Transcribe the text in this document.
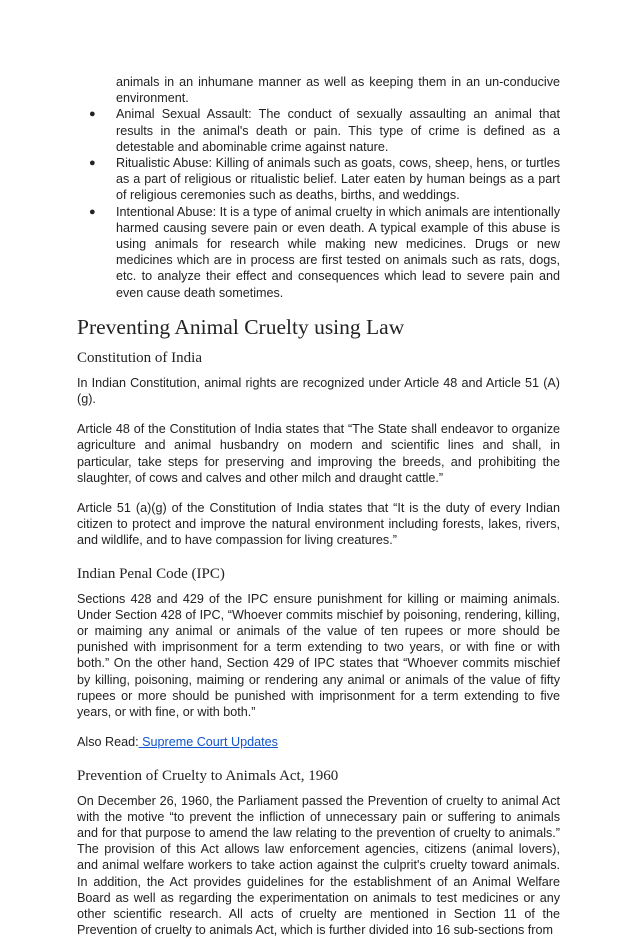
animals in an inhumane manner as well as keeping them in an un-conducive environment.

● Animal Sexual Assault: The conduct of sexually assaulting an animal that results in the animal's death or pain. This type of crime is defined as a detestable and abominable crime against nature.
● Ritualistic Abuse: Killing of animals such as goats, cows, sheep, hens, or turtles as a part of religious or ritualistic belief. Later eaten by human beings as a part of religious ceremonies such as deaths, births, and weddings.
● Intentional Abuse: It is a type of animal cruelty in which animals are intentionally harmed causing severe pain or even death. A typical example of this abuse is using animals for research while making new medicines. Drugs or new medicines which are in process are first tested on animals such as rats, dogs, etc. to analyze their effect and consequences which lead to severe pain and even cause death sometimes.
Preventing Animal Cruelty using Law
Constitution of India

In Indian Constitution, animal rights are recognized under Article 48 and Article 51 (A)(g).

Article 48 of the Constitution of India states that “The State shall endeavor to organize agriculture and animal husbandry on modern and scientific lines and shall, in particular, take steps for preserving and improving the breeds, and prohibiting the slaughter, of cows and calves and other milch and draught cattle.”

Article 51 (a)(g) of the Constitution of India states that “It is the duty of every Indian citizen to protect and improve the natural environment including forests, lakes, rivers, and wildlife, and to have compassion for living creatures.”

Indian Penal Code (IPC)

Sections 428 and 429 of the IPC ensure punishment for killing or maiming animals. Under Section 428 of IPC, “Whoever commits mischief by poisoning, rendering, killing, or maiming any animal or animals of the value of ten rupees or more should be punished with imprisonment for a term extending to two years, or with fine or with both.” On the other hand, Section 429 of IPC states that “Whoever commits mischief by killing, poisoning, maiming or rendering any animal or animals of the value of fifty rupees or more should be punished with imprisonment for a term extending to five years, or with fine, or with both.”

Also Read: Supreme Court Updates

Prevention of Cruelty to Animals Act, 1960

On December 26, 1960, the Parliament passed the Prevention of cruelty to animal Act with the motive “to prevent the infliction of unnecessary pain or suffering to animals and for that purpose to amend the law relating to the prevention of cruelty to animals.” The provision of this Act allows law enforcement agencies, citizens (animal lovers), and animal welfare workers to take action against the culprit's cruelty toward animals. In addition, the Act provides guidelines for the establishment of an Animal Welfare Board as well as regarding the experimentation on animals to test medicines or any other scientific research. All acts of cruelty are mentioned in Section 11 of the Prevention of cruelty to animals Act, which is further divided into 16 sub-sections from
